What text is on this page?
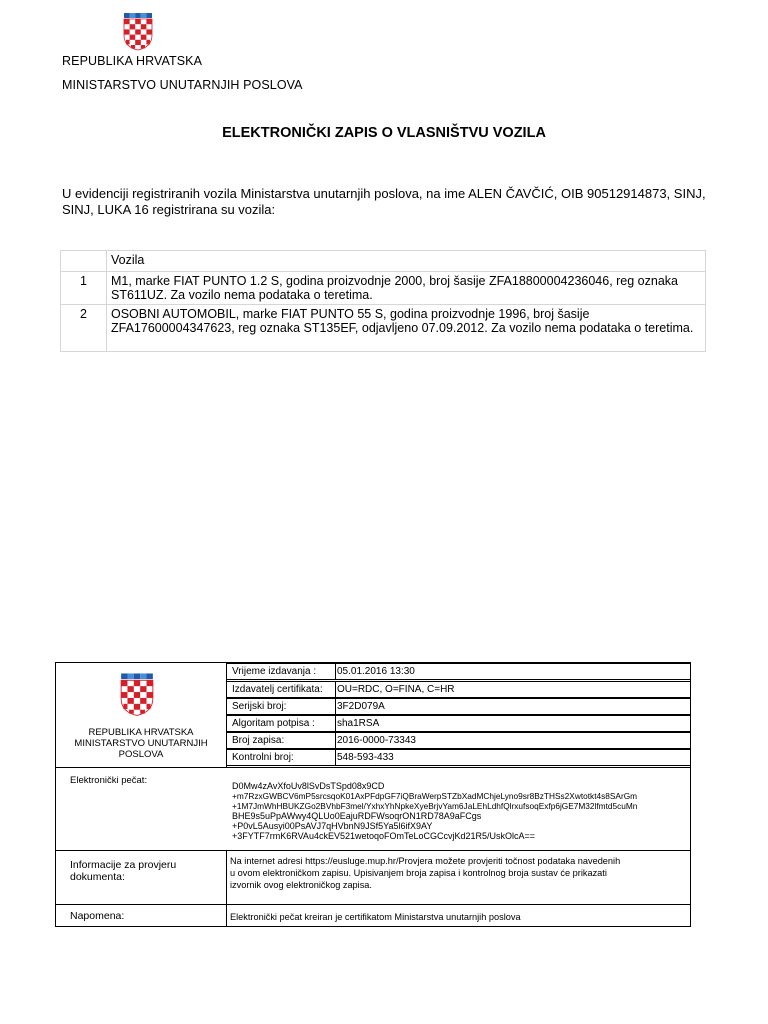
REPUBLIKA HRVATSKA
MINISTARSTVO UNUTARNJIH POSLOVA
ELEKTRONIČKI ZAPIS O VLASNIŠTVU VOZILA
U evidenciji registriranih vozila Ministarstva unutarnjih poslova, na ime ALEN ČAVČIĆ, OIB 90512914873, SINJ, SINJ, LUKA 16 registrirana su vozila:
	Vozila
1	M1, marke FIAT PUNTO 1.2 S, godina proizvodnje 2000, broj šasije ZFA18800004236046, reg oznaka ST611UZ. Za vozilo nema podataka o teretima.
2	OSOBNI AUTOMOBIL, marke FIAT PUNTO 55 S, godina proizvodnje 1996, broj šasije ZFA17600004347623, reg oznaka ST135EF, odjavljeno 07.09.2012. Za vozilo nema podataka o teretima.
REPUBLIKA HRVATSKA
MINISTARSTVO UNUTARNJIH
POSLOVA
Vrijeme izdavanja : 05.01.2016 13:30
Izdavatelj certifikata: OU=RDC, O=FINA, C=HR
Serijski broj:	3F2D079A
Algoritam potpisa : sha1RSA
Broj zapisa:	2016-0000-73343
Kontrolni broj:	548-593-433
Elektronički pečat:	D0Mw4zAvXfoUv8lSvDsTSpd08x9CD
+m7RzxGWBCV6mP5srcsqoK01AxPFdpGF7iQBraWerpSTZbXadMChjeLyno9sr8BzTHSs2Xwtotkt4s8SArGm
+1M7JmWhHBUKZGo2BVhbF3mel/YxhxYhNpkeXyeBrjvYam6JaLEhLdhfQlrxufsoqExfp6jGE7M32lfmtd5cuMn
BHE9s5uPpAWwy4QLUo0EajuRDFWsoqrON1RD78A9aFCgs
+P0vL5Ausyi00PsAVJ7qHVbnN9JSf5Ya5l6ifX9AY
+3FYTF7rmK6RVAu4ckEV521wetoqoFOmTeLoCGCcvjKd21R5/UskOlcA==
Informacije za provjeru
dokumenta:
Na internet adresi https://eusluge.mup.hr/Provjera možete provjeriti točnost podataka navedenih
u ovom elektroničkom zapisu. Upisivanjem broja zapisa i kontrolnog broja sustav će prikazati
izvornik ovog elektroničkog zapisa.
Napomena:	Elektronički pečat kreiran je certifikatom Ministarstva unutarnjih poslova
